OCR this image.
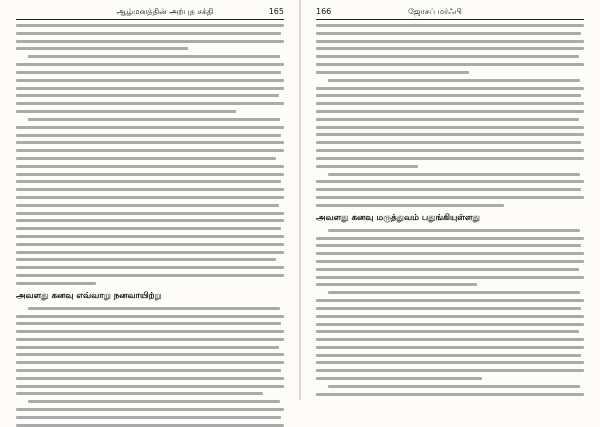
ஆழ்மனத்தின் அற்புத சக்தி	165
அவளது கனவு எவ்வாறு நனவாயிற்று
166	ஜோசப் மர்ஃபி
அவளது கனவு மருத்துவம் பதுங்கியுள்ளது
